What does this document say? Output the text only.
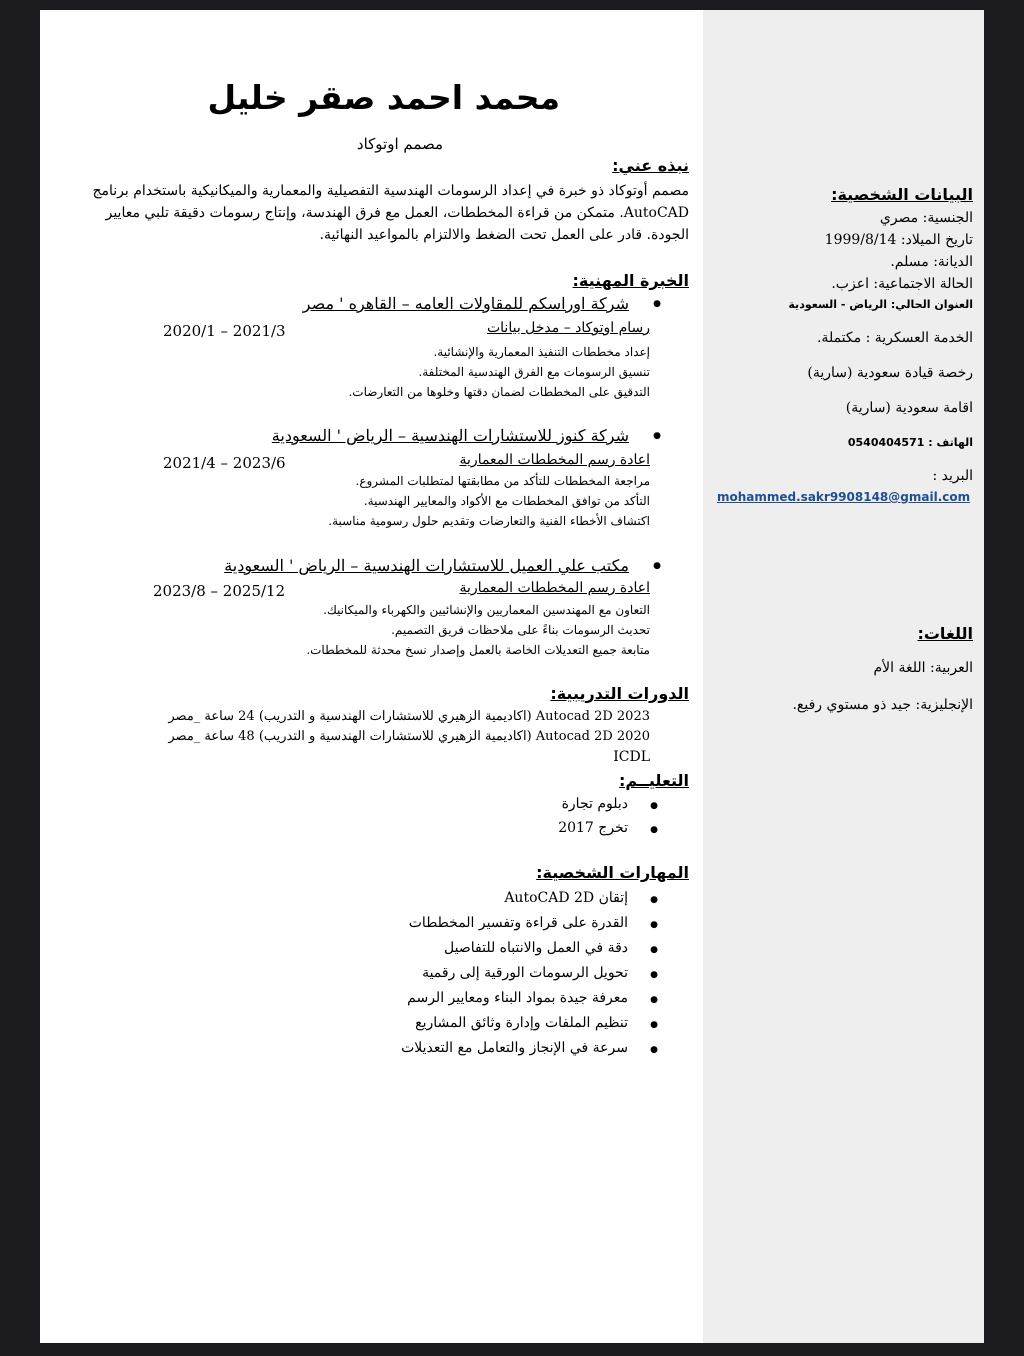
محمد احمد صقر خليل
مصمم اوتوكاد
نبذه عني:
مصمم أوتوكاد ذو خبرة في إعداد الرسومات الهندسية التفصيلية والمعمارية والميكانيكية باستخدام برنامج AutoCAD. متمكن من قراءة المخططات، العمل مع فرق الهندسة، وإنتاج رسومات دقيقة تلبي معايير الجودة. قادر على العمل تحت الضغط والالتزام بالمواعيد النهائية.
الخبرة المهنية:
شركة اوراسكم للمقاولات العامه – القاهره ' مصر ●
رسام اوتوكاد – مدخل بيانات
2020/1 – 2021/3
إعداد مخططات التنفيذ المعمارية والإنشائية.
تنسيق الرسومات مع الفرق الهندسية المختلفة.
التدقيق على المخططات لضمان دقتها وخلوها من التعارضات.
شركة كنوز للاستشارات الهندسية – الرياض ' السعودية ●
اعادة رسم المخططات المعمارية
2021/4 – 2023/6
مراجعة المخططات للتأكد من مطابقتها لمتطلبات المشروع.
التأكد من توافق المخططات مع الأكواد والمعايير الهندسية.
اكتشاف الأخطاء الفنية والتعارضات وتقديم حلول رسومية مناسبة.
مكتب علي العميل للاستشارات الهندسية – الرياض ' السعودية ●
اعادة رسم المخططات المعمارية
2023/8 – 2025/12
التعاون مع المهندسين المعماريين والإنشائيين والكهرباء والميكانيك.
تحديث الرسومات بناءً على ملاحظات فريق التصميم.
متابعة جميع التعديلات الخاصة بالعمل وإصدار نسخ محدثة للمخططات.
الدورات التدريبية:
Autocad 2D 2023 (اكاديمية الزهيري للاستشارات الهندسية و التدريب) 24 ساعة _مصر
Autocad 2D 2020 (اكاديمية الزهيري للاستشارات الهندسية و التدريب) 48 ساعة _مصر
ICDL
التعليــم:
دبلوم تجارة ●
تخرج 2017 ●
المهارات الشخصية:
إتقان AutoCAD 2D ●
القدرة على قراءة وتفسير المخططات ●
دقة في العمل والانتباه للتفاصيل ●
تحويل الرسومات الورقية إلى رقمية ●
معرفة جيدة بمواد البناء ومعايير الرسم ●
تنظيم الملفات وإدارة وثائق المشاريع ●
سرعة في الإنجاز والتعامل مع التعديلات ●
البيانات الشخصية:
الجنسية: مصري
تاريخ الميلاد: 1999/8/14
الديانة: مسلم.
الحالة الاجتماعية: اعزب.
العنوان الحالي: الرياض - السعودية
الخدمة العسكرية : مكتملة.
رخصة قيادة سعودية (سارية)
اقامة سعودية (سارية)
الهاتف : 0540404571
البريد :
mohammed.sakr9908148@gmail.com
اللغات:
العربية: اللغة الأم
الإنجليزية: جيد ذو مستوي رفيع.
